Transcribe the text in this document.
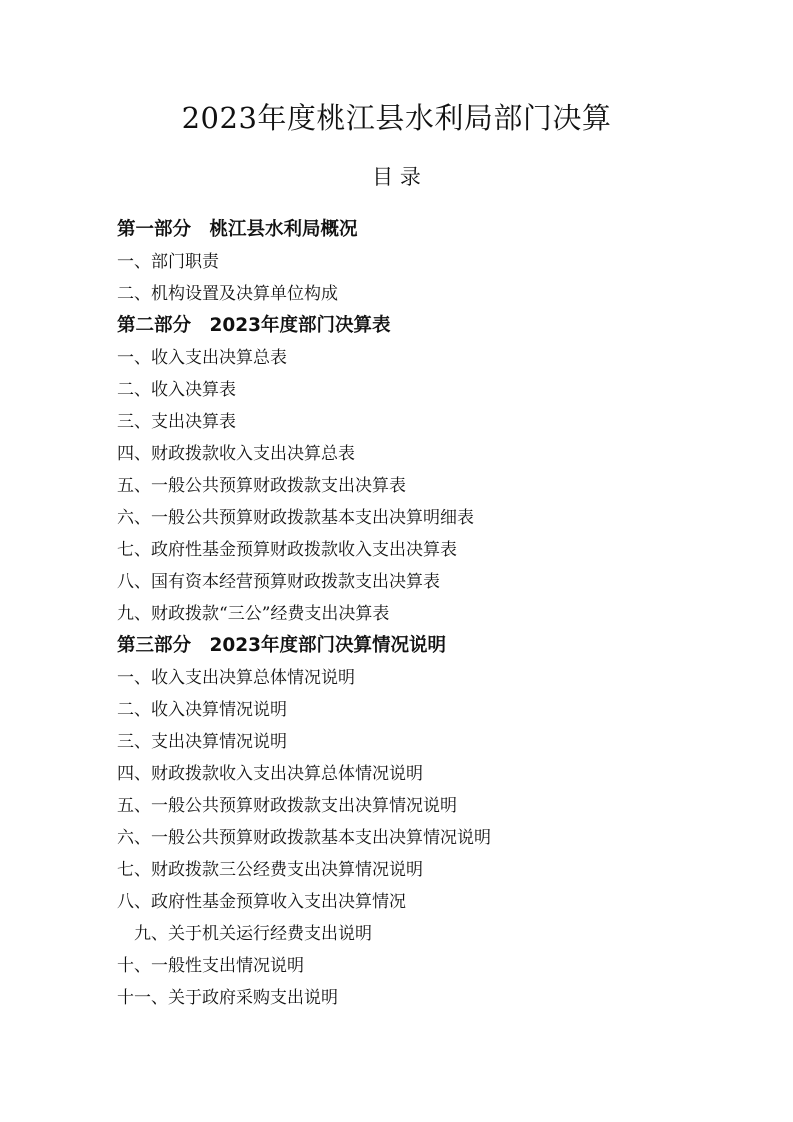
2023年度桃江县水利局部门决算
目 录
第一部分　桃江县水利局概况
一、部门职责
二、机构设置及决算单位构成
第二部分　2023年度部门决算表
一、收入支出决算总表
二、收入决算表
三、支出决算表
四、财政拨款收入支出决算总表
五、一般公共预算财政拨款支出决算表
六、一般公共预算财政拨款基本支出决算明细表
七、政府性基金预算财政拨款收入支出决算表
八、国有资本经营预算财政拨款支出决算表
九、财政拨款“三公”经费支出决算表
第三部分　2023年度部门决算情况说明
一、收入支出决算总体情况说明
二、收入决算情况说明
三、支出决算情况说明
四、财政拨款收入支出决算总体情况说明
五、一般公共预算财政拨款支出决算情况说明
六、一般公共预算财政拨款基本支出决算情况说明
七、财政拨款三公经费支出决算情况说明
八、政府性基金预算收入支出决算情况
九、关于机关运行经费支出说明
十、一般性支出情况说明
十一、关于政府采购支出说明
